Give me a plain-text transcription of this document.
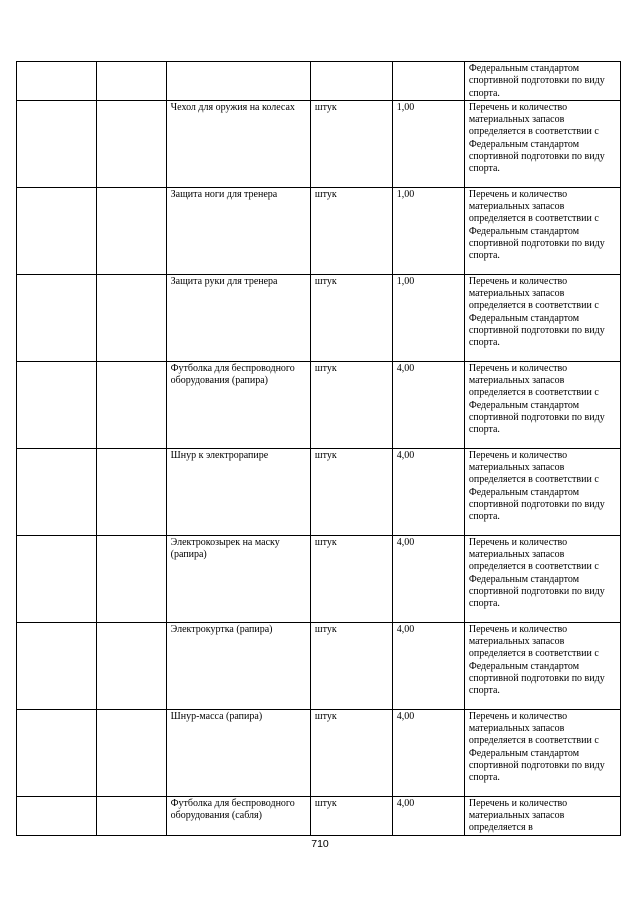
					Федеральным стандартом спортивной подготовки по виду спорта.
		Чехол для оружия на колесах	штук	1,00	Перечень и количество материальных запасов определяется в соответствии с Федеральным стандартом спортивной подготовки по виду спорта.
		Защита ноги для тренера	штук	1,00	Перечень и количество материальных запасов определяется в соответствии с Федеральным стандартом спортивной подготовки по виду спорта.
		Защита руки для тренера	штук	1,00	Перечень и количество материальных запасов определяется в соответствии с Федеральным стандартом спортивной подготовки по виду спорта.
		Футболка для беспроводного оборудования (рапира)	штук	4,00	Перечень и количество материальных запасов определяется в соответствии с Федеральным стандартом спортивной подготовки по виду спорта.
		Шнур к электрорапире	штук	4,00	Перечень и количество материальных запасов определяется в соответствии с Федеральным стандартом спортивной подготовки по виду спорта.
		Электрокозырек на маску (рапира)	штук	4,00	Перечень и количество материальных запасов определяется в соответствии с Федеральным стандартом спортивной подготовки по виду спорта.
		Электрокуртка (рапира)	штук	4,00	Перечень и количество материальных запасов определяется в соответствии с Федеральным стандартом спортивной подготовки по виду спорта.
		Шнур-масса (рапира)	штук	4,00	Перечень и количество материальных запасов определяется в соответствии с Федеральным стандартом спортивной подготовки по виду спорта.
		Футболка для беспроводного оборудования (сабля)	штук	4,00	Перечень и количество материальных запасов определяется в
710
